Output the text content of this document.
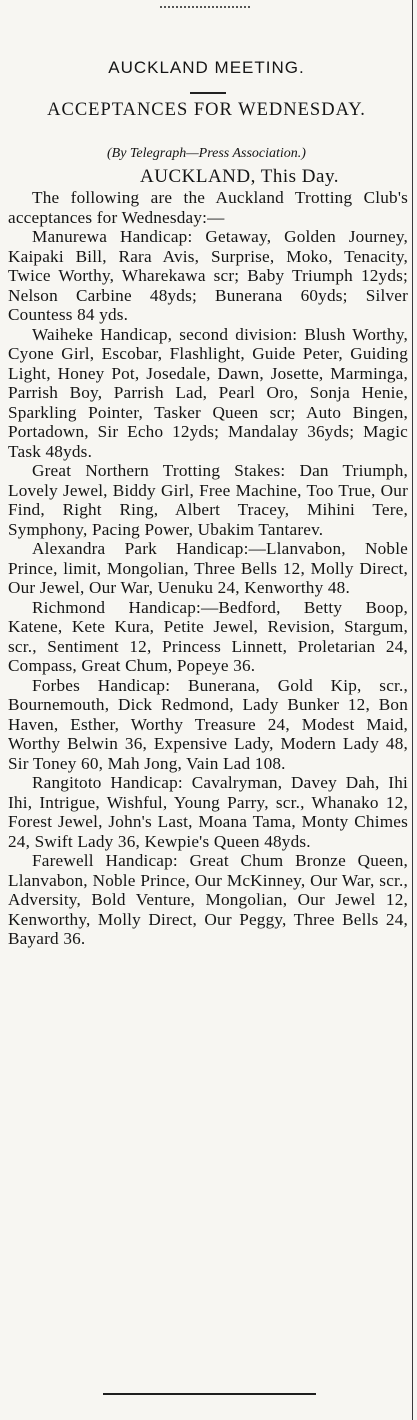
AUCKLAND MEETING.
ACCEPTANCES FOR WEDNESDAY.
(By Telegraph—Press Association.)
AUCKLAND, This Day.

The following are the Auckland Trotting Club's acceptances for Wednesday:—

Manurewa Handicap: Getaway, Golden Journey, Kaipaki Bill, Rara Avis, Surprise, Moko, Tenacity, Twice Worthy, Wharekawa scr; Baby Triumph 12yds; Nelson Carbine 48yds; Bunerana 60yds; Silver Countess 84 yds.

Waiheke Handicap, second division: Blush Worthy, Cyone Girl, Escobar, Flashlight, Guide Peter, Guiding Light, Honey Pot, Josedale, Dawn, Josette, Marminga, Parrish Boy, Parrish Lad, Pearl Oro, Sonja Henie, Sparkling Pointer, Tasker Queen scr; Auto Bingen, Portadown, Sir Echo 12yds; Mandalay 36yds; Magic Task 48yds.

Great Northern Trotting Stakes: Dan Triumph, Lovely Jewel, Biddy Girl, Free Machine, Too True, Our Find, Right Ring, Albert Tracey, Mihini Tere, Symphony, Pacing Power, Ubakim Tantarev.

Alexandra Park Handicap:—Llanvabon, Noble Prince, limit, Mongolian, Three Bells 12, Molly Direct, Our Jewel, Our War, Uenuku 24, Kenworthy 48.

Richmond Handicap:—Bedford, Betty Boop, Katene, Kete Kura, Petite Jewel, Revision, Stargum, scr., Sentiment 12, Princess Linnett, Proletarian 24, Compass, Great Chum, Popeye 36.

Forbes Handicap: Bunerana, Gold Kip, scr., Bournemouth, Dick Redmond, Lady Bunker 12, Bon Haven, Esther, Worthy Treasure 24, Modest Maid, Worthy Belwin 36, Expensive Lady, Modern Lady 48, Sir Toney 60, Mah Jong, Vain Lad 108.

Rangitoto Handicap: Cavalryman, Davey Dah, Ihi Ihi, Intrigue, Wishful, Young Parry, scr., Whanako 12, Forest Jewel, John's Last, Moana Tama, Monty Chimes 24, Swift Lady 36, Kewpie's Queen 48yds.

Farewell Handicap: Great Chum Bronze Queen, Llanvabon, Noble Prince, Our McKinney, Our War, scr., Adversity, Bold Venture, Mongolian, Our Jewel 12, Kenworthy, Molly Direct, Our Peggy, Three Bells 24, Bayard 36.
